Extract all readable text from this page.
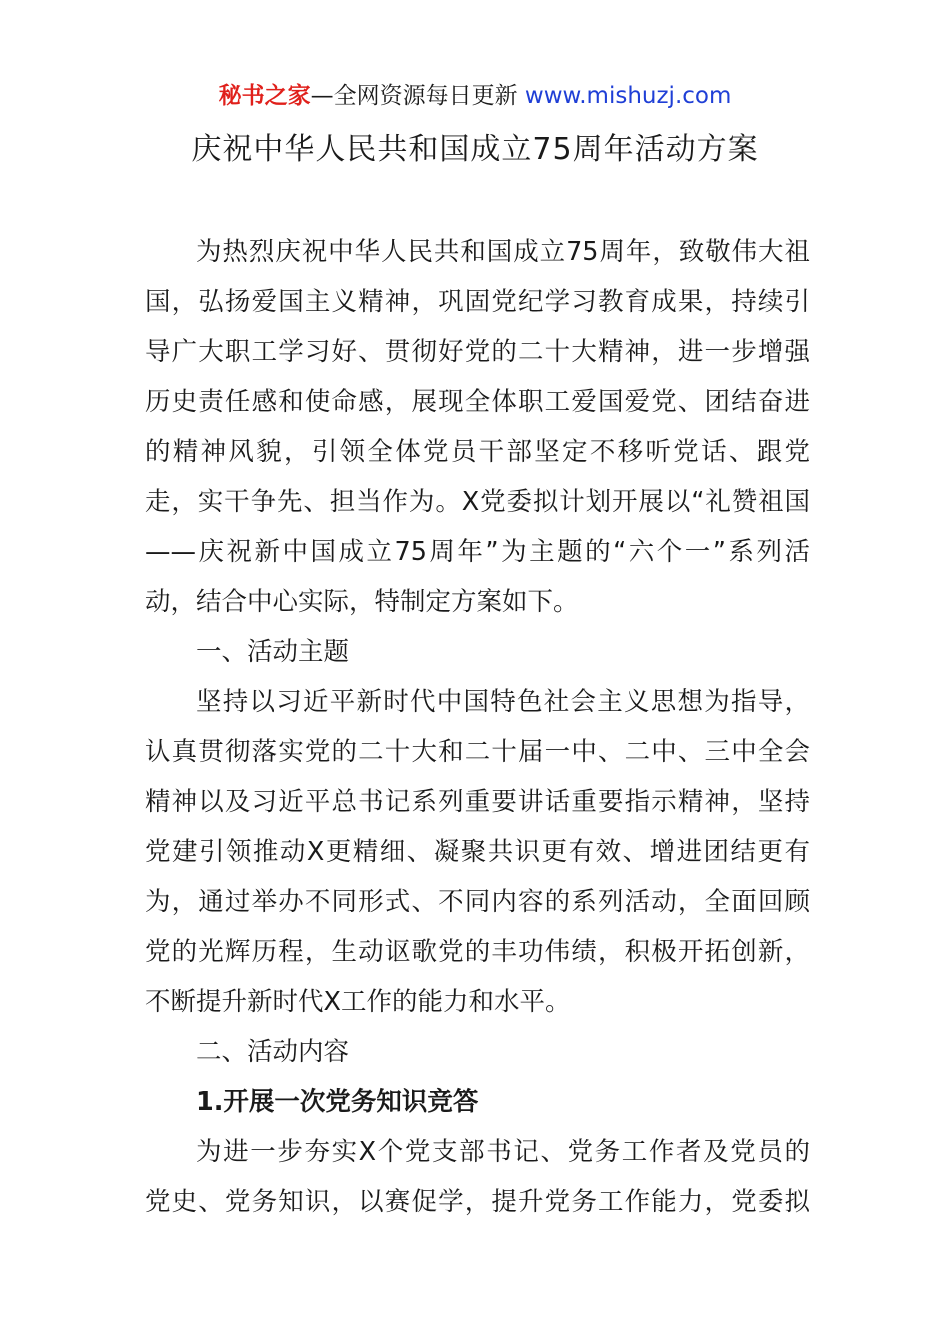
秘书之家—全网资源每日更新 www.mishuzj.com
庆祝中华人民共和国成立75周年活动方案
为热烈庆祝中华人民共和国成立75周年，致敬伟大祖
国，弘扬爱国主义精神，巩固党纪学习教育成果，持续引
导广大职工学习好、贯彻好党的二十大精神，进一步增强
历史责任感和使命感，展现全体职工爱国爱党、团结奋进
的精神风貌，引领全体党员干部坚定不移听党话、跟党
走，实干争先、担当作为。X党委拟计划开展以“礼赞祖国
——庆祝新中国成立75周年”为主题的“六个一”系列活
动，结合中心实际，特制定方案如下。
一、活动主题
坚持以习近平新时代中国特色社会主义思想为指导，
认真贯彻落实党的二十大和二十届一中、二中、三中全会
精神以及习近平总书记系列重要讲话重要指示精神，坚持
党建引领推动X更精细、凝聚共识更有效、增进团结更有
为，通过举办不同形式、不同内容的系列活动，全面回顾
党的光辉历程，生动讴歌党的丰功伟绩，积极开拓创新，
不断提升新时代X工作的能力和水平。
二、活动内容
1.开展一次党务知识竞答
为进一步夯实X个党支部书记、党务工作者及党员的
党史、党务知识，以赛促学，提升党务工作能力，党委拟
